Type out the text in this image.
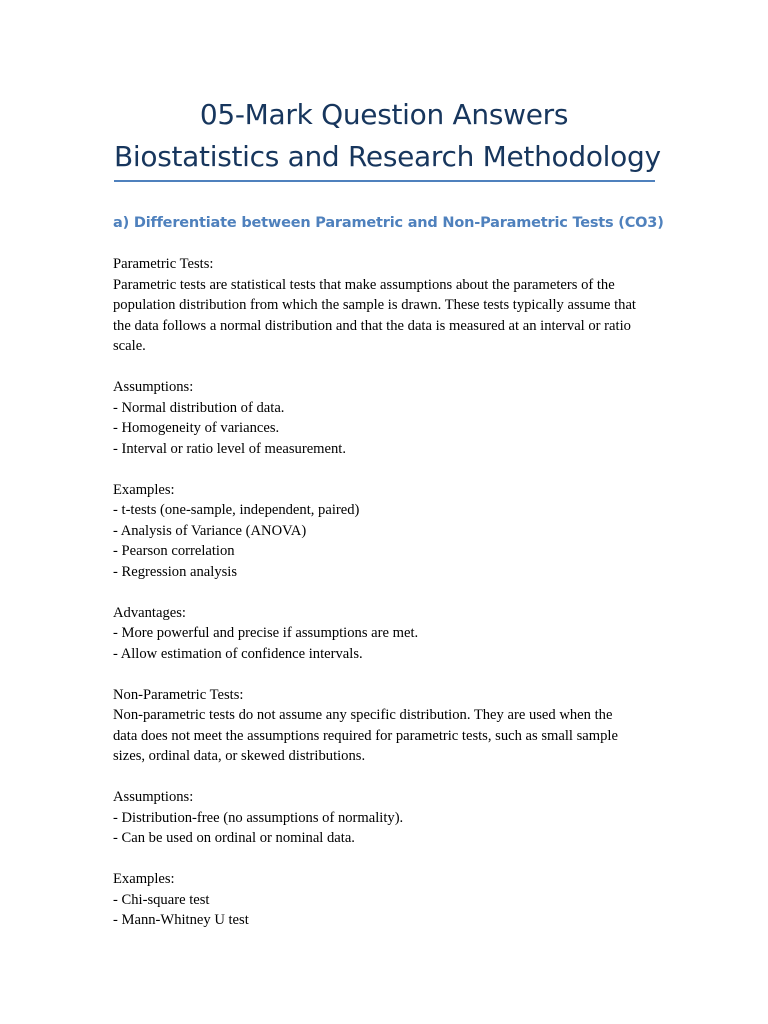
05-Mark Question Answers
Biostatistics and Research Methodology
a) Differentiate between Parametric and Non-Parametric Tests (CO3)
Parametric Tests:
Parametric tests are statistical tests that make assumptions about the parameters of the
population distribution from which the sample is drawn. These tests typically assume that
the data follows a normal distribution and that the data is measured at an interval or ratio
scale.
Assumptions:
- Normal distribution of data.
- Homogeneity of variances.
- Interval or ratio level of measurement.
Examples:
- t-tests (one-sample, independent, paired)
- Analysis of Variance (ANOVA)
- Pearson correlation
- Regression analysis
Advantages:
- More powerful and precise if assumptions are met.
- Allow estimation of confidence intervals.
Non-Parametric Tests:
Non-parametric tests do not assume any specific distribution. They are used when the
data does not meet the assumptions required for parametric tests, such as small sample
sizes, ordinal data, or skewed distributions.
Assumptions:
- Distribution-free (no assumptions of normality).
- Can be used on ordinal or nominal data.
Examples:
- Chi-square test
- Mann-Whitney U test
